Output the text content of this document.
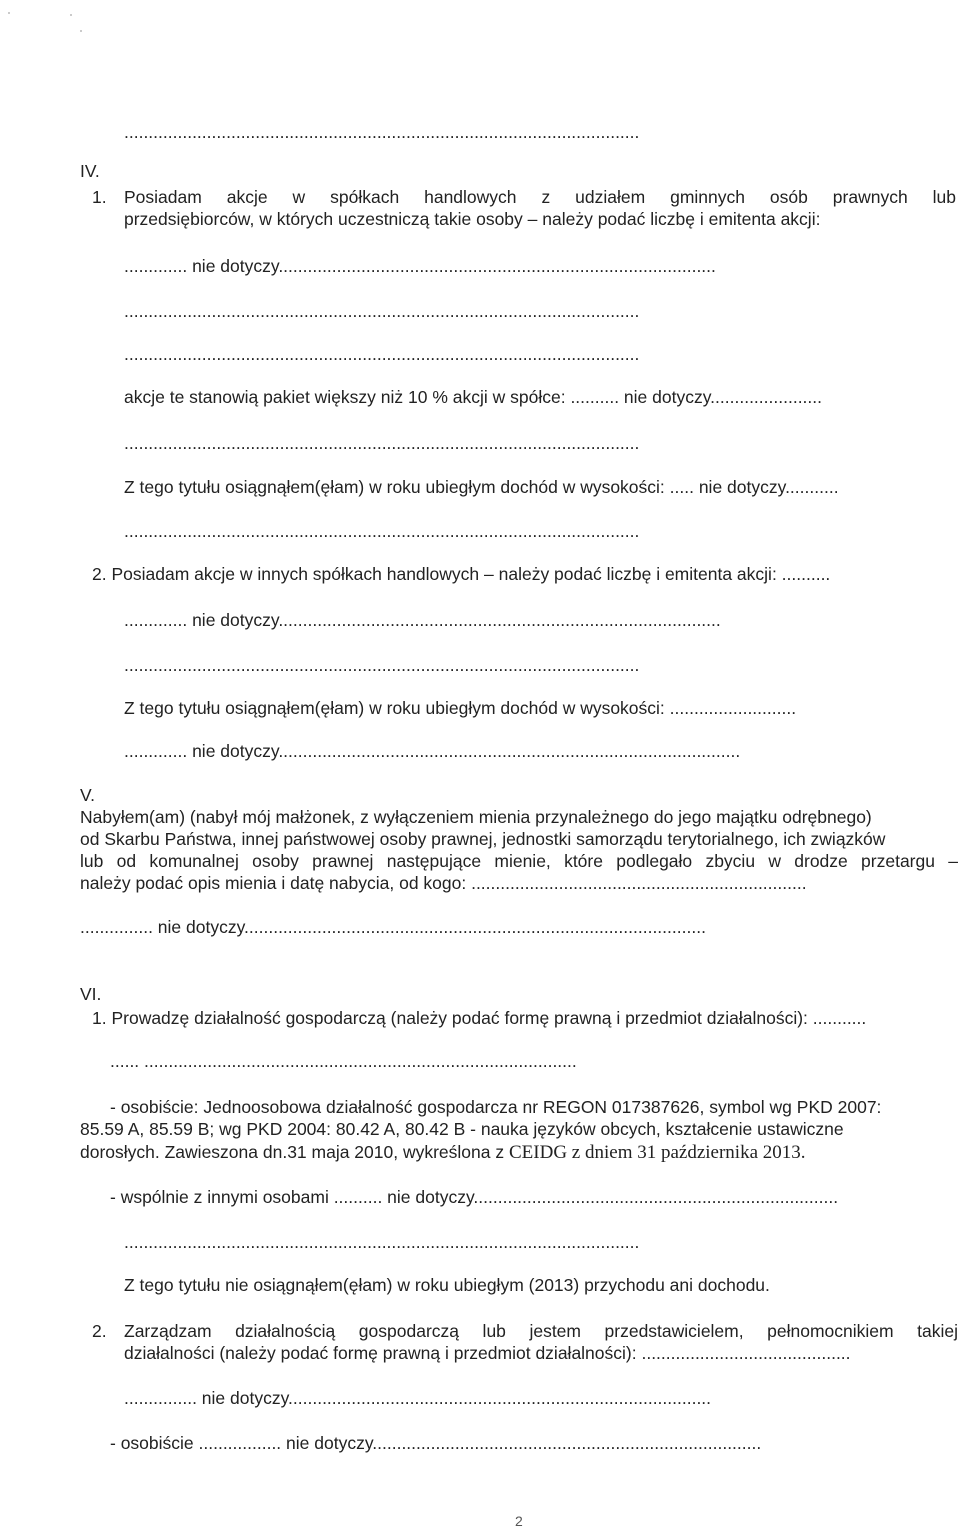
..........................................................................................................
IV.
1. Posiadam akcje w spółkach handlowych z udziałem gminnych osób prawnych lub
przedsiębiorców, w których uczestniczą takie osoby – należy podać liczbę i emitenta akcji:
............. nie dotyczy..........................................................................................
..........................................................................................................
..........................................................................................................
akcje te stanowią pakiet większy niż 10 % akcji w spółce: .......... nie dotyczy.......................
..........................................................................................................
Z tego tytułu osiągnąłem(ęłam) w roku ubiegłym dochód w wysokości: ..... nie dotyczy...........
..........................................................................................................
2. Posiadam akcje w innych spółkach handlowych – należy podać liczbę i emitenta akcji: ..........
............. nie dotyczy...........................................................................................
..........................................................................................................
Z tego tytułu osiągnąłem(ęłam) w roku ubiegłym dochód w wysokości: ..........................
............. nie dotyczy...............................................................................................
V.
Nabyłem(am) (nabył mój małżonek, z wyłączeniem mienia przynależnego do jego majątku odrębnego)
od Skarbu Państwa, innej państwowej osoby prawnej, jednostki samorządu terytorialnego, ich związków
lub od komunalnej osoby prawnej następujące mienie, które podlegało zbyciu w drodze przetargu –
należy podać opis mienia i datę nabycia, od kogo: .....................................................................
............... nie dotyczy...............................................................................................
VI.
1. Prowadzę działalność gospodarczą (należy podać formę prawną i przedmiot działalności): ...........
...... .........................................................................................
- osobiście: Jednoosobowa działalność gospodarcza nr REGON 017387626, symbol wg PKD 2007:
85.59 A, 85.59 B; wg PKD 2004: 80.42 A, 80.42 B - nauka języków obcych, kształcenie ustawiczne
dorosłych. Zawieszona dn.31 maja 2010, wykreślona z CEIDG z dniem 31 października 2013.
- wspólnie z innymi osobami .......... nie dotyczy...........................................................................
..........................................................................................................
Z tego tytułu nie osiągnąłem(ęłam) w roku ubiegłym (2013) przychodu ani dochodu.
2. Zarządzam działalnością gospodarczą lub jestem przedstawicielem, pełnomocnikiem takiej
działalności (należy podać formę prawną i przedmiot działalności): ...........................................
............... nie dotyczy.......................................................................................
- osobiście ................. nie dotyczy................................................................................
2
